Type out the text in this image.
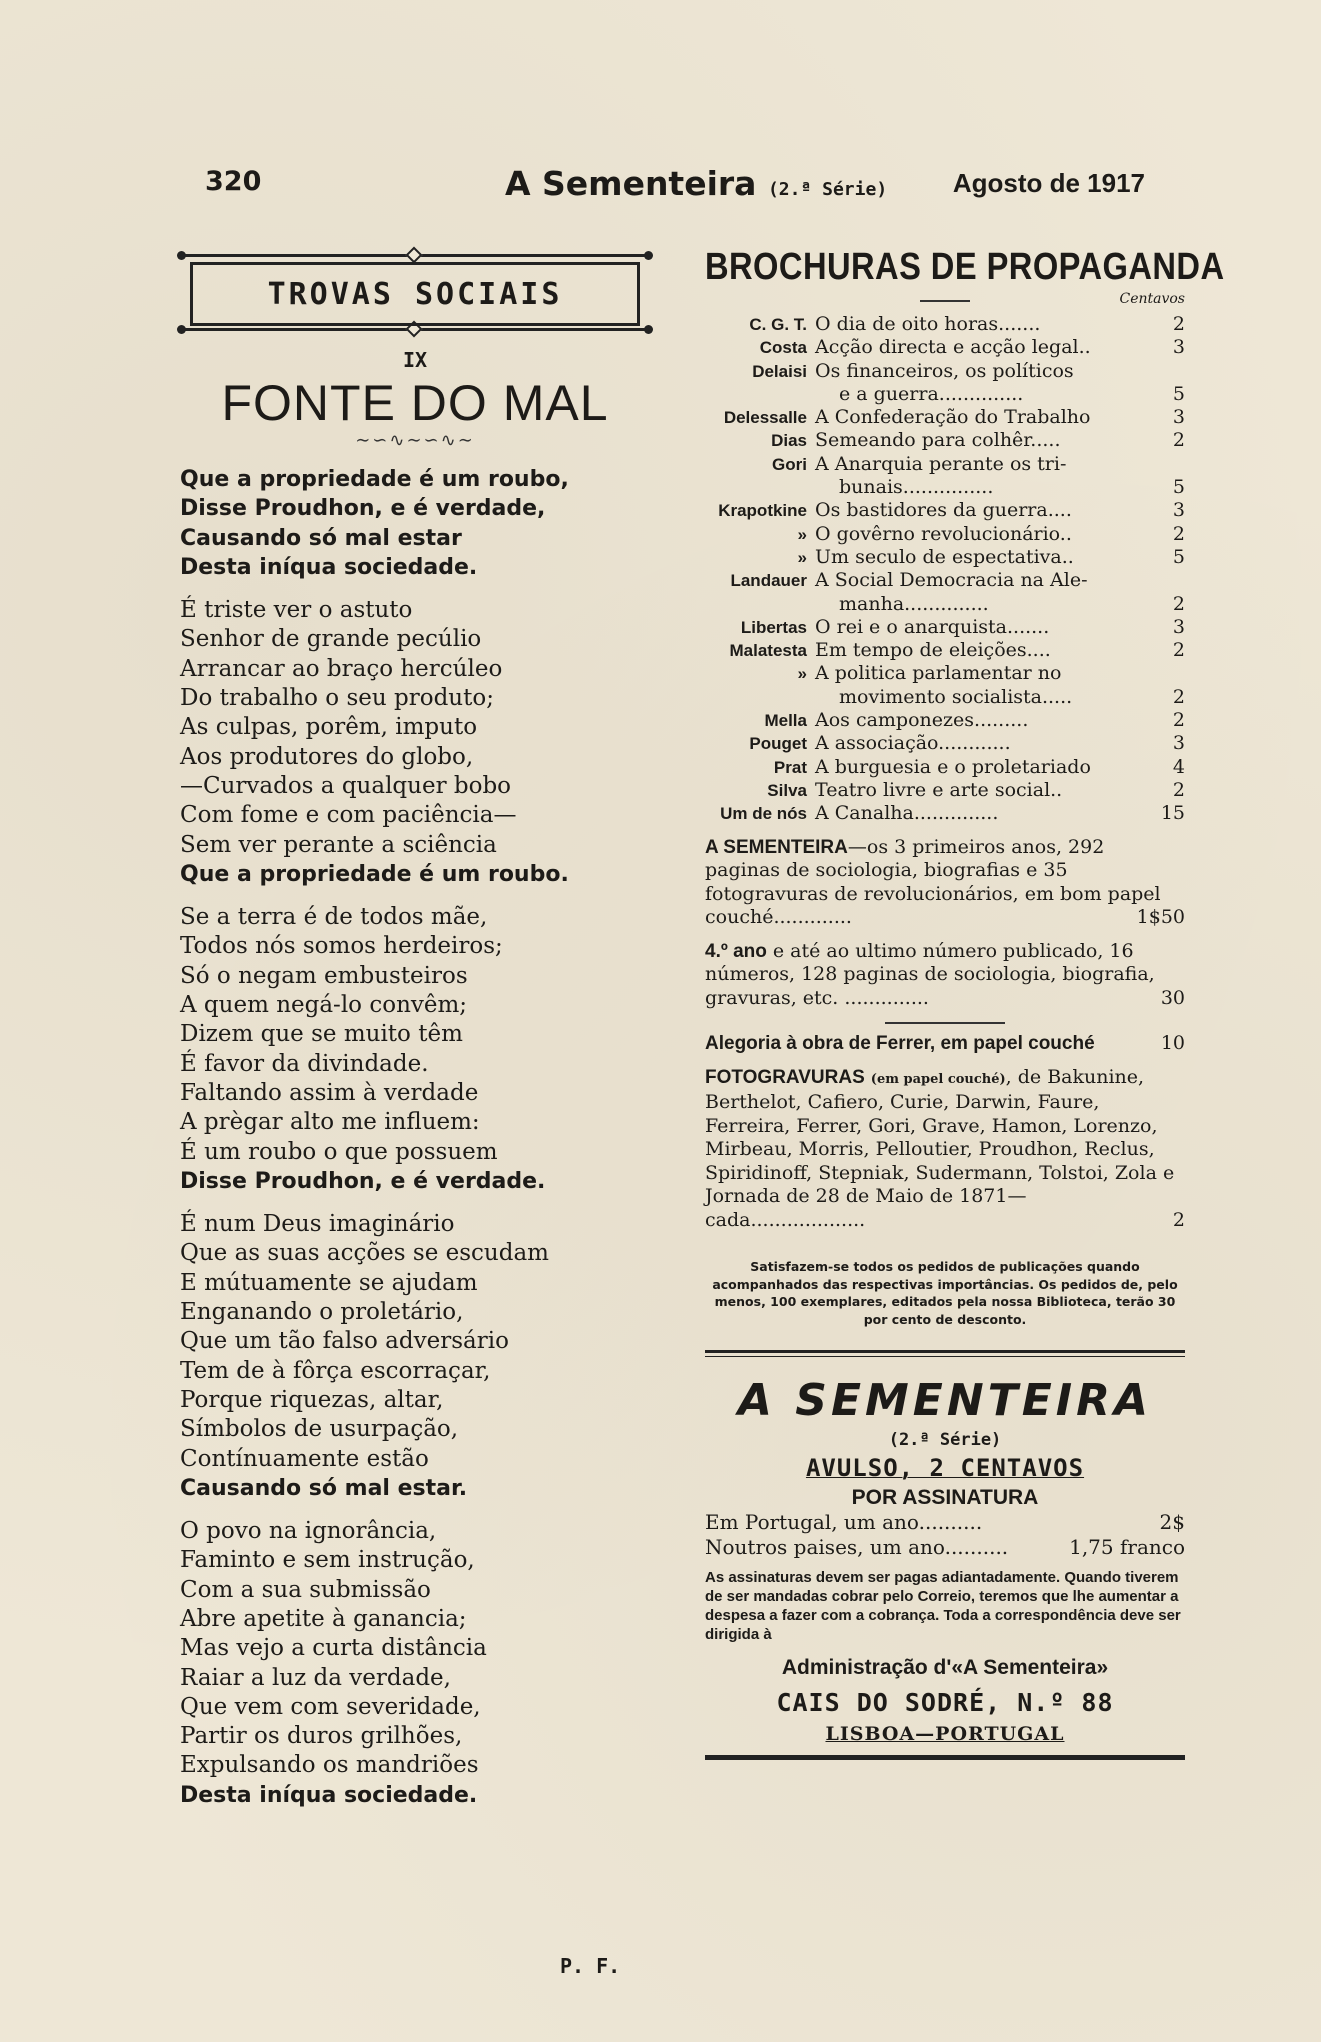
320	A Sementeira (2.ª Série)	Agosto de 1917
TROVAS SOCIAIS
IX
FONTE DO MAL
∼∽∿∼∽∿∼
Que a propriedade é um roubo,
Disse Proudhon, e é verdade,
Causando só mal estar
Desta iníqua sociedade.
É triste ver o astuto
Senhor de grande pecúlio
Arrancar ao braço hercúleo
Do trabalho o seu produto;
As culpas, porêm, imputo
Aos produtores do globo,
—Curvados a qualquer bobo
Com fome e com paciência—
Sem ver perante a sciência
Que a propriedade é um roubo.
Se a terra é de todos mãe,
Todos nós somos herdeiros;
Só o negam embusteiros
A quem negá-lo convêm;
Dizem que se muito têm
É favor da divindade.
Faltando assim à verdade
A prègar alto me influem:
É um roubo o que possuem
Disse Proudhon, e é verdade.
É num Deus imaginário
Que as suas acções se escudam
E mútuamente se ajudam
Enganando o proletário,
Que um tão falso adversário
Tem de à fôrça escorraçar,
Porque riquezas, altar,
Símbolos de usurpação,
Contínuamente estão
Causando só mal estar.
O povo na ignorância,
Faminto e sem instrução,
Com a sua submissão
Abre apetite à ganancia;
Mas vejo a curta distância
Raiar a luz da verdade,
Que vem com severidade,
Partir os duros grilhões,
Expulsando os mandriões
Desta iníqua sociedade.
P. F.
BROCHURAS DE PROPAGANDA
Centavos
C. G. T.	O dia de oito horas.......	2
Costa	Acção directa e acção legal..	3
Delaisi	Os financeiros, os políticos	
	e a guerra..............	5
Delessalle	A Confederação do Trabalho	3
Dias	Semeando para colhêr.....	2
Gori	A Anarquia perante os tri-	
	bunais...............	5
Krapotkine	Os bastidores da guerra....	3
»	O govêrno revolucionário..	2
»	Um seculo de espectativa..	5
Landauer	A Social Democracia na Ale-	
	manha..............	2
Libertas	O rei e o anarquista.......	3
Malatesta	Em tempo de eleições....	2
»	A politica parlamentar no	
	movimento socialista.....	2
Mella	Aos camponezes.........	2
Pouget	A associação............	3
Prat	A burguesia e o proletariado	4
Silva	Teatro livre e arte social..	2
Um de nós	A Canalha..............	15
A SEMENTEIRA—os 3 primeiros anos, 292 paginas de sociologia, biografias e 35 fotogravuras de revolucionários, em bom papel couché.............	1$50
4.º ano e até ao ultimo número publicado, 16 números, 128 paginas de sociologia, biografia, gravuras, etc. ..............	30
Alegoria à obra de Ferrer, em papel couché	10
FOTOGRAVURAS (em papel couché), de Bakunine, Berthelot, Cafiero, Curie, Darwin, Faure, Ferreira, Ferrer, Gori, Grave, Hamon, Lorenzo, Mirbeau, Morris, Pelloutier, Proudhon, Reclus, Spiridinoff, Stepniak, Sudermann, Tolstoi, Zola e Jornada de 28 de Maio de 1871—cada...................	2
Satisfazem-se todos os pedidos de publicações quando acompanhados das respectivas importâncias. Os pedidos de, pelo menos, 100 exemplares, editados pela nossa Biblioteca, terão 30 por cento de desconto.
A SEMENTEIRA
(2.ª Série)
AVULSO, 2 CENTAVOS
POR ASSINATURA
Em Portugal, um ano..........	2$
Noutros paises, um ano..........	1,75 franco
As assinaturas devem ser pagas adiantadamente. Quando tiverem de ser mandadas cobrar pelo Correio, teremos que lhe aumentar a despesa a fazer com a cobrança. Toda a correspondência deve ser dirigida à
Administração d'«A Sementeira»
CAIS DO SODRÉ, N.º 88
LISBOA—PORTUGAL
